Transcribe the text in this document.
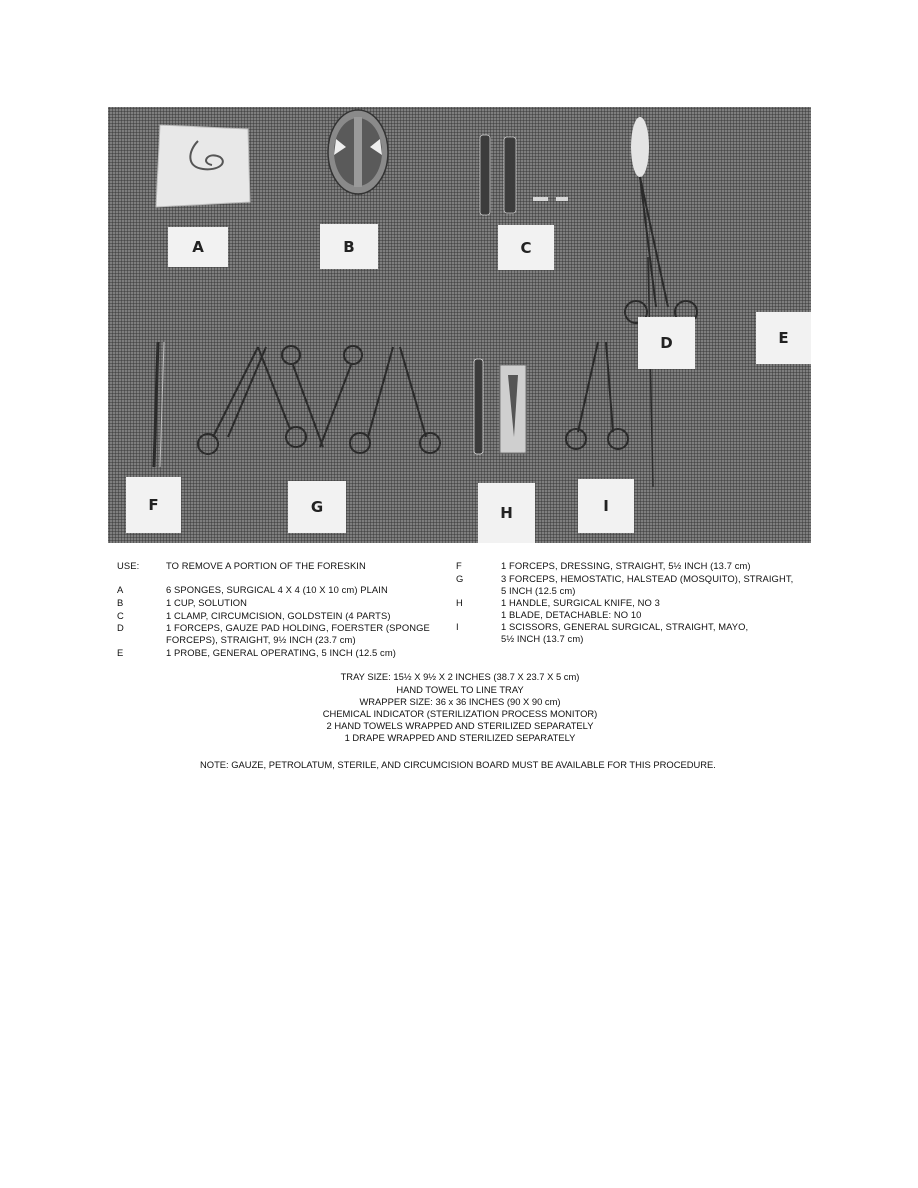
A	B	C
D	E
F	G	H	I
USE:	TO REMOVE A PORTION OF THE FORESKIN
A	6 SPONGES, SURGICAL 4 X 4 (10 X 10 cm) PLAIN
B	1 CUP, SOLUTION
C	1 CLAMP, CIRCUMCISION, GOLDSTEIN (4 PARTS)
D	1 FORCEPS, GAUZE PAD HOLDING, FOERSTER (SPONGE
FORCEPS), STRAIGHT, 9½ INCH (23.7 cm)
E	1 PROBE, GENERAL OPERATING, 5 INCH (12.5 cm)
F	1 FORCEPS, DRESSING, STRAIGHT, 5½ INCH (13.7 cm)
G	3 FORCEPS, HEMOSTATIC, HALSTEAD (MOSQUITO), STRAIGHT,
5 INCH (12.5 cm)
H	1 HANDLE, SURGICAL KNIFE, NO 3
1 BLADE, DETACHABLE: NO 10
I	1 SCISSORS, GENERAL SURGICAL, STRAIGHT, MAYO,
5½ INCH (13.7 cm)
TRAY SIZE: 15½ X 9½ X 2 INCHES (38.7 X 23.7 X 5 cm)
HAND TOWEL TO LINE TRAY
WRAPPER SIZE: 36 x 36 INCHES (90 X 90 cm)
CHEMICAL INDICATOR (STERILIZATION PROCESS MONITOR)
2 HAND TOWELS WRAPPED AND STERILIZED SEPARATELY
1 DRAPE WRAPPED AND STERILIZED SEPARATELY
NOTE: GAUZE, PETROLATUM, STERILE, AND CIRCUMCISION BOARD MUST BE AVAILABLE FOR THIS PROCEDURE.
